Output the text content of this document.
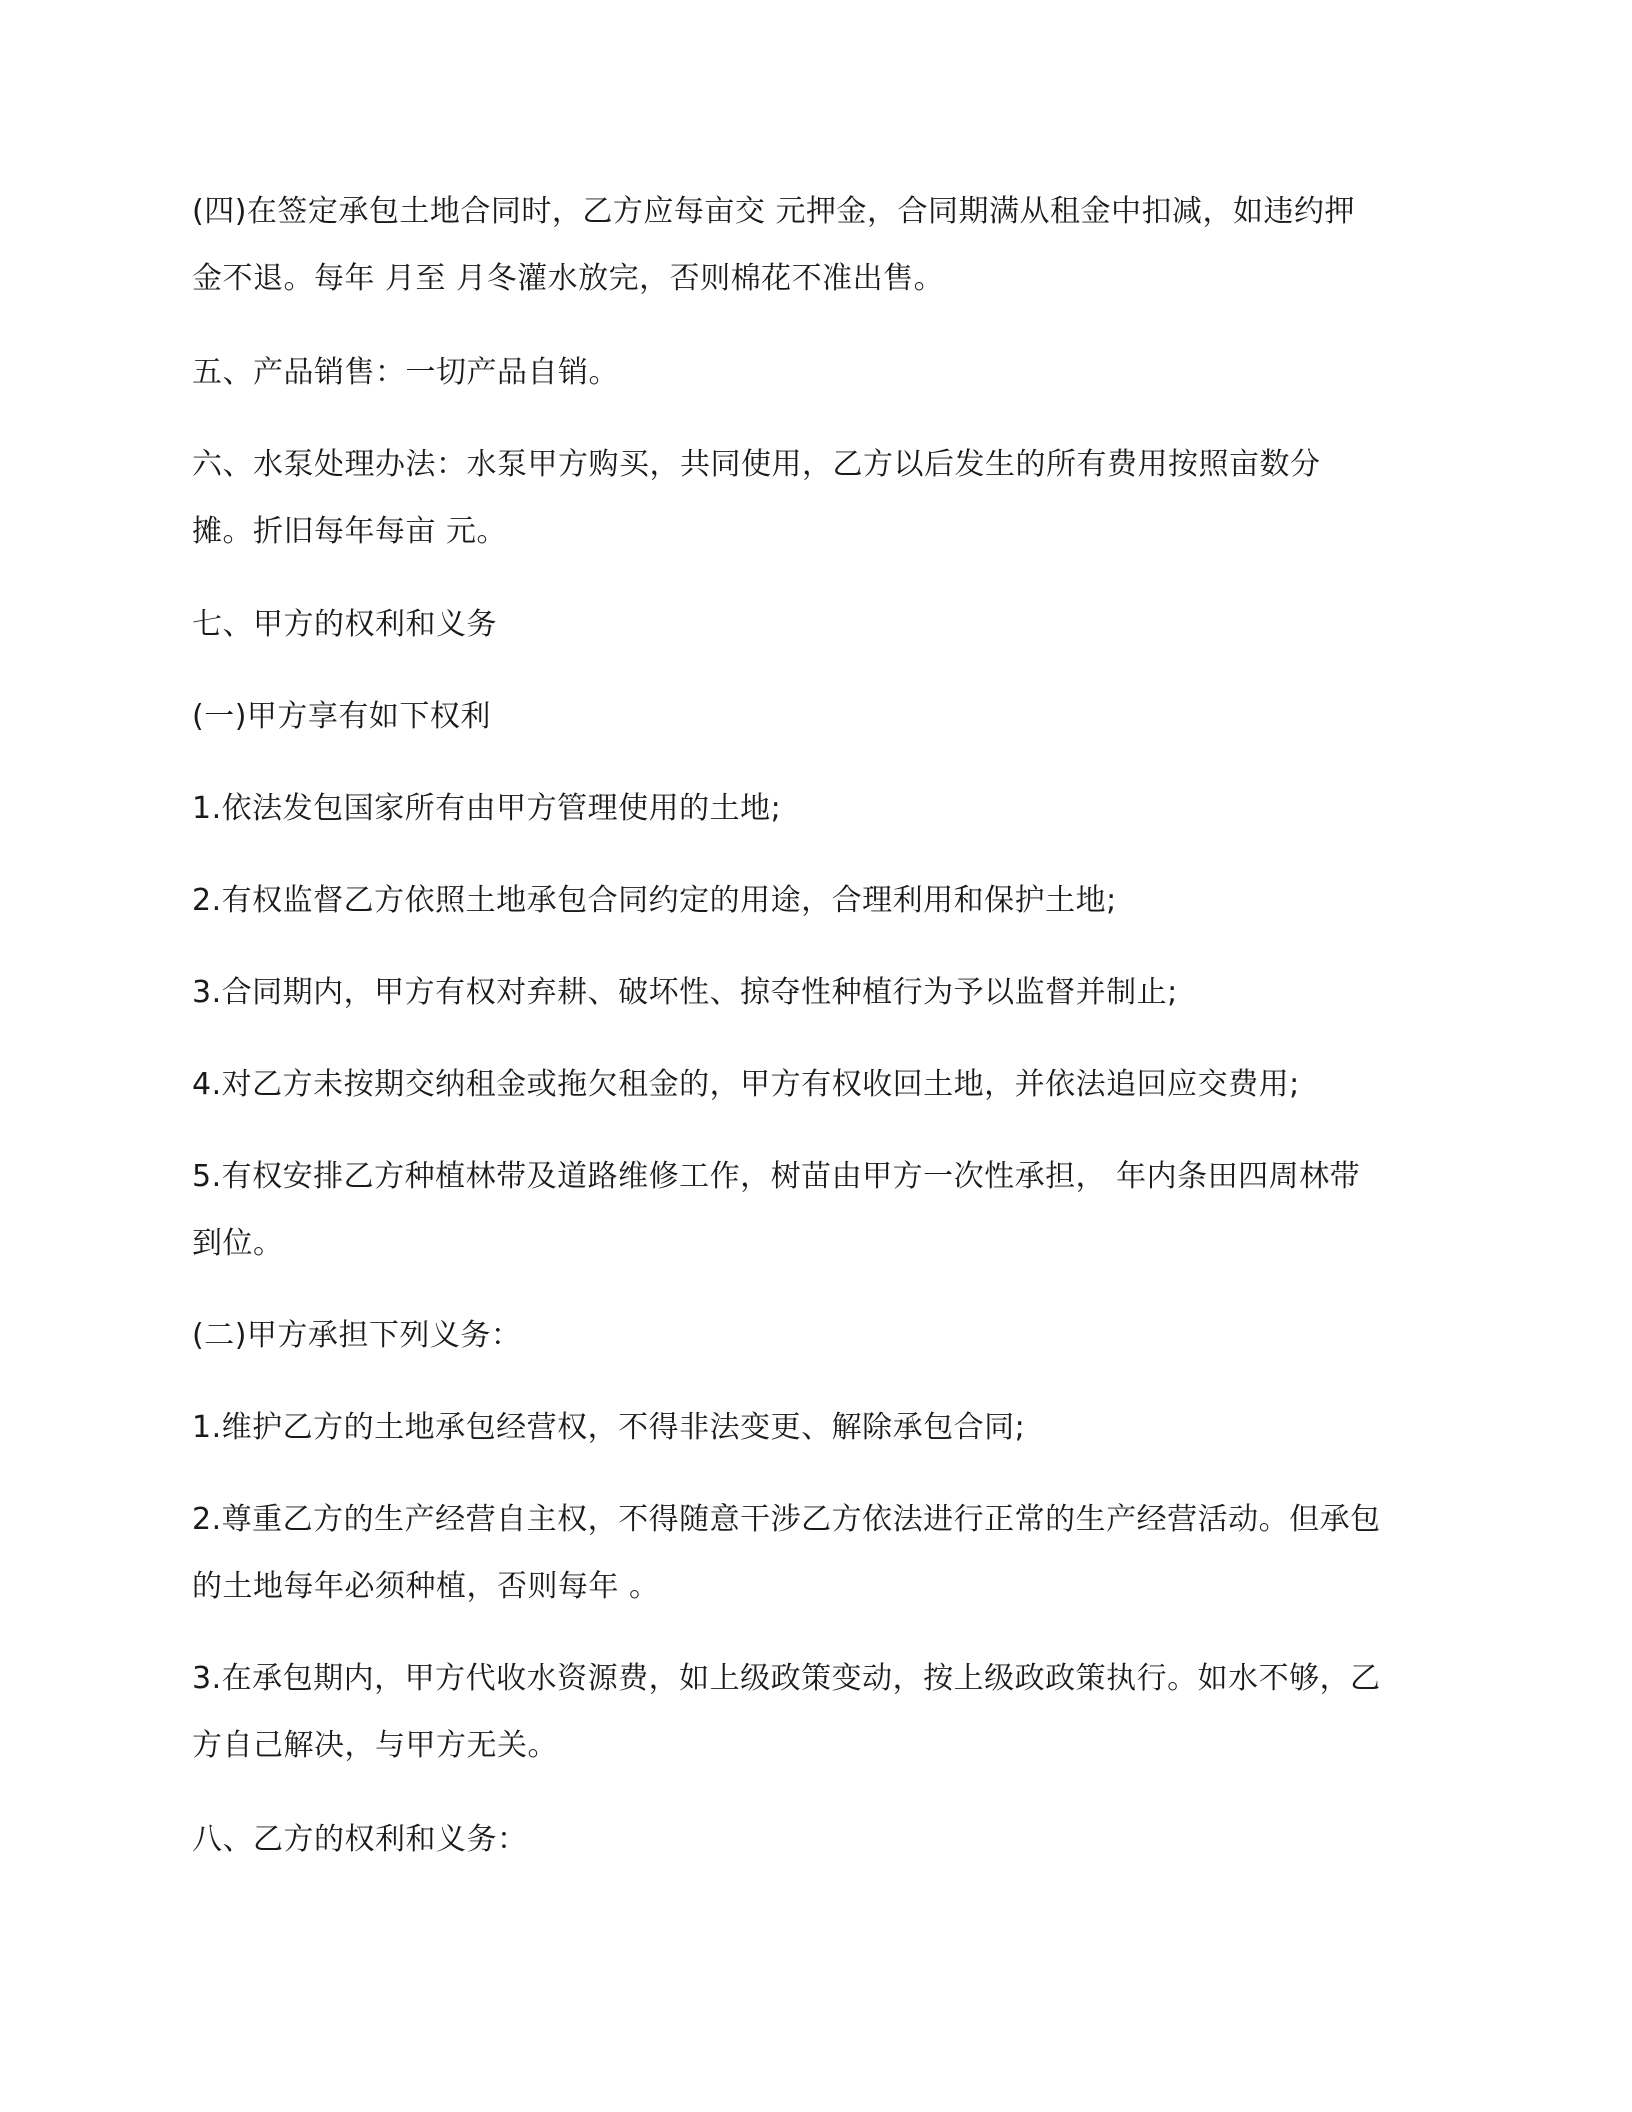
(四)在签定承包土地合同时，乙方应每亩交 元押金，合同期满从租金中扣减，如违约押
金不退。每年 月至 月冬灌水放完，否则棉花不准出售。

五、产品销售：一切产品自销。

六、水泵处理办法：水泵甲方购买，共同使用，乙方以后发生的所有费用按照亩数分
摊。折旧每年每亩 元。

七、甲方的权利和义务

(一)甲方享有如下权利

1.依法发包国家所有由甲方管理使用的土地;

2.有权监督乙方依照土地承包合同约定的用途，合理利用和保护土地;

3.合同期内，甲方有权对弃耕、破坏性、掠夺性种植行为予以监督并制止;

4.对乙方未按期交纳租金或拖欠租金的，甲方有权收回土地，并依法追回应交费用;

5.有权安排乙方种植林带及道路维修工作，树苗由甲方一次性承担， 年内条田四周林带
到位。

(二)甲方承担下列义务：

1.维护乙方的土地承包经营权，不得非法变更、解除承包合同;

2.尊重乙方的生产经营自主权，不得随意干涉乙方依法进行正常的生产经营活动。但承包
的土地每年必须种植，否则每年 。

3.在承包期内，甲方代收水资源费，如上级政策变动，按上级政政策执行。如水不够，乙
方自己解决，与甲方无关。

八、乙方的权利和义务：
